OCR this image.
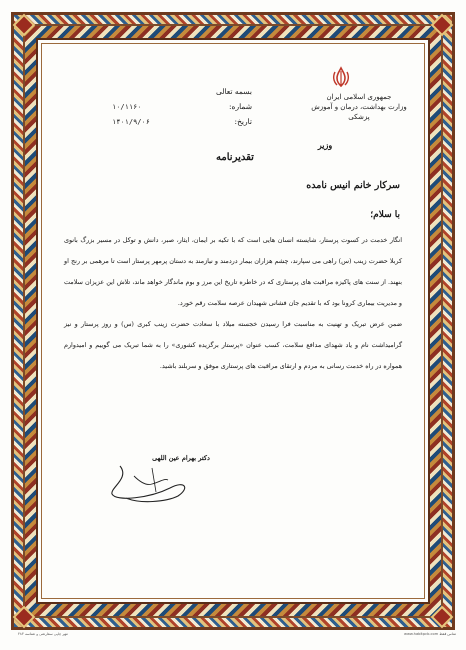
جمهوری اسلامی ایران
وزارت بهداشت، درمان و آموزش پزشکی
بسمه تعالی
شماره:
۱۰/۱۱۶۰
تاریخ:
۱۴۰۱/۹/۰۶
وزیر
تقدیرنامه
سرکار خانم انیس نامده
با سلام؛

انگار خدمت در کسوت پرستار، شایسته انسان هایی است که با تکیه بر ایمان، ایثار، صبر، دانش و توکل در مسیر بزرگ بانوی کربلا حضرت زینب (س) راهی می سپارند، چشم هزاران بیمار دردمند و نیازمند به دستان پرمهر پرستار است تا مرهمی بر رنج او بنهند. از سنت های پاکیزه مراقبت های پرستاری که در خاطره تاریخ این مرز و بوم ماندگار خواهد ماند، تلاش این عزیزان سلامت و مدیریت بیماری کرونا بود که با تقدیم جان فشانی شهیدان عرصه سلامت رقم خورد.

ضمن عرض تبریک و تهنیت به مناسبت فرا رسیدن خجسته میلاد با سعادت حضرت زینب کبری (س) و روز پرستار و نیز گرامیداشت نام و یاد شهدای مدافع سلامت، کسب عنوان «پرستار برگزیده کشوری» را به شما تبریک می گوییم و امیدوارم همواره در راه خدمت رسانی به مردم و ارتقای مراقبت های پرستاری موفق و سربلند باشید.

دکتر بهرام عین اللهی
مهر چاپی سفارشی و شناسه ۴۸۳	www.habitpcb.com تماس فقط
